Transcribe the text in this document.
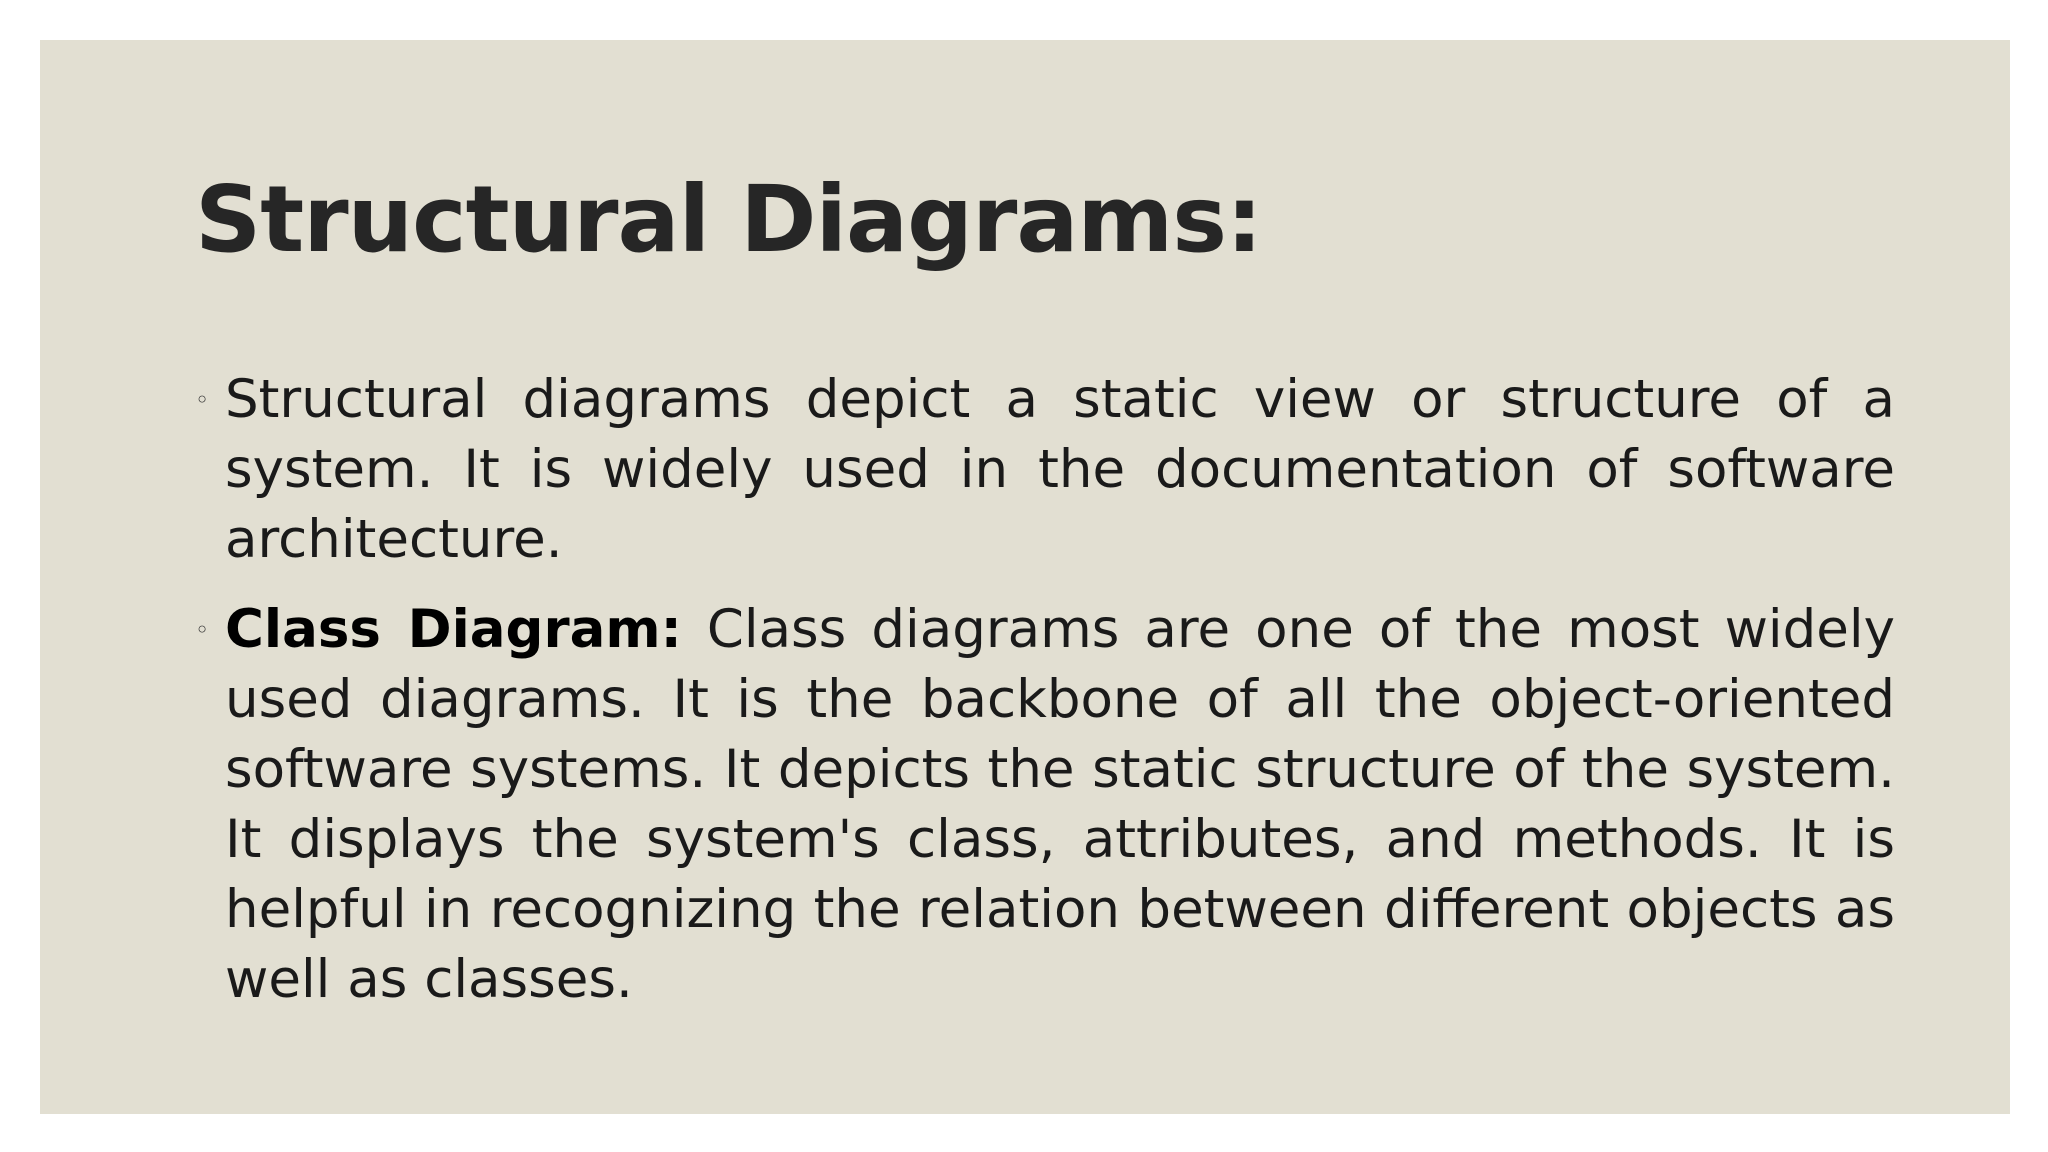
Structural Diagrams:
◦ Structural diagrams depict a static view or structure of a system. It is widely used in the documentation of software architecture.
◦ Class Diagram: Class diagrams are one of the most widely used diagrams. It is the backbone of all the object-oriented software systems. It depicts the static structure of the system. It displays the system's class, attributes, and methods. It is helpful in recognizing the relation between different objects as well as classes.
